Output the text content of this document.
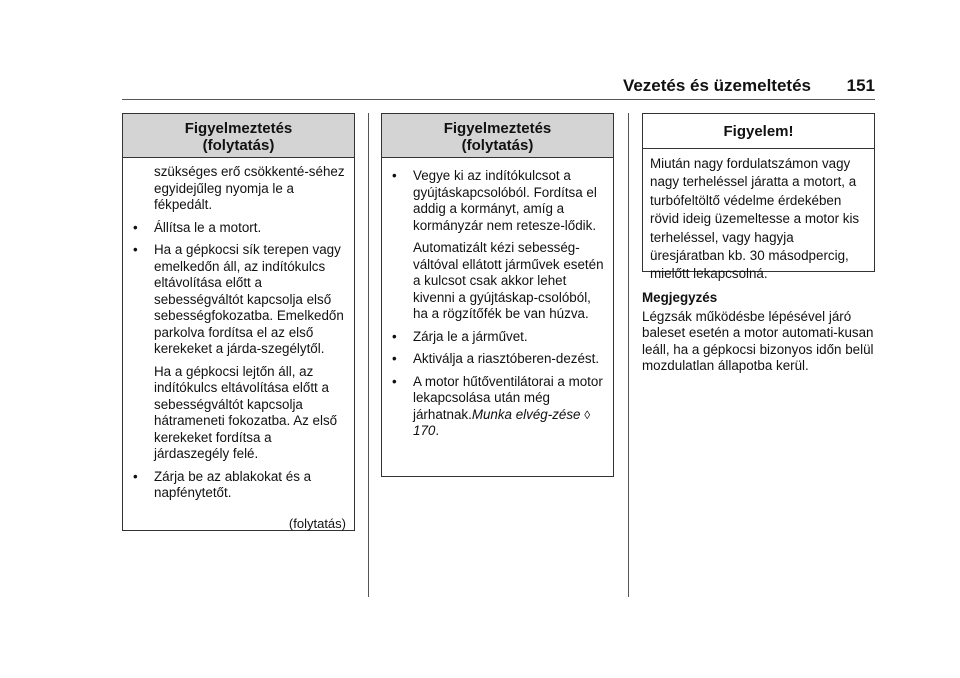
Vezetés és üzemeltetés 151
Figyelmeztetés
(folytatás)

szükséges erő csökkenté-séhez egyidejűleg nyomja le a fékpedált.

• Állítsa le a motort.
• Ha a gépkocsi sík terepen vagy emelkedőn áll, az indítókulcs eltávolítása előtt a sebességváltót kapcsolja első sebességfokozatba. Emelkedőn parkolva fordítsa el az első kerekeket a járda-szegélytől.

Ha a gépkocsi lejtőn áll, az indítókulcs eltávolítása előtt a sebességváltót kapcsolja hátrameneti fokozatba. Az első kerekeket fordítsa a járdaszegély felé.

• Zárja be az ablakokat és a napfénytetőt.
(folytatás)
Figyelmeztetés
(folytatás)
• Vegye ki az indítókulcsot a gyújtáskapcsolóból. Fordítsa el addig a kormányt, amíg a kormányzár nem retesze-lődik.

Automatizált kézi sebesség-váltóval ellátott járművek esetén a kulcsot csak akkor lehet kivenni a gyújtáskap-csolóból, ha a rögzítőfék be van húzva.

• Zárja le a járművet.
• Aktiválja a riasztóberen-dezést.
• A motor hűtőventilátorai a motor lekapcsolása után még járhatnak.Munka elvég-zése ◊ 170.
Figyelem!
Miután nagy fordulatszámon vagy nagy terheléssel járatta a motort, a turbófeltöltő védelme érdekében rövid ideig üzemeltesse a motor kis terheléssel, vagy hagyja üresjáratban kb. 30 másodpercig, mielőtt lekapcsolná.
Megjegyzés
Légzsák működésbe lépésével járó baleset esetén a motor automati-kusan leáll, ha a gépkocsi bizonyos időn belül mozdulatlan állapotba kerül.
